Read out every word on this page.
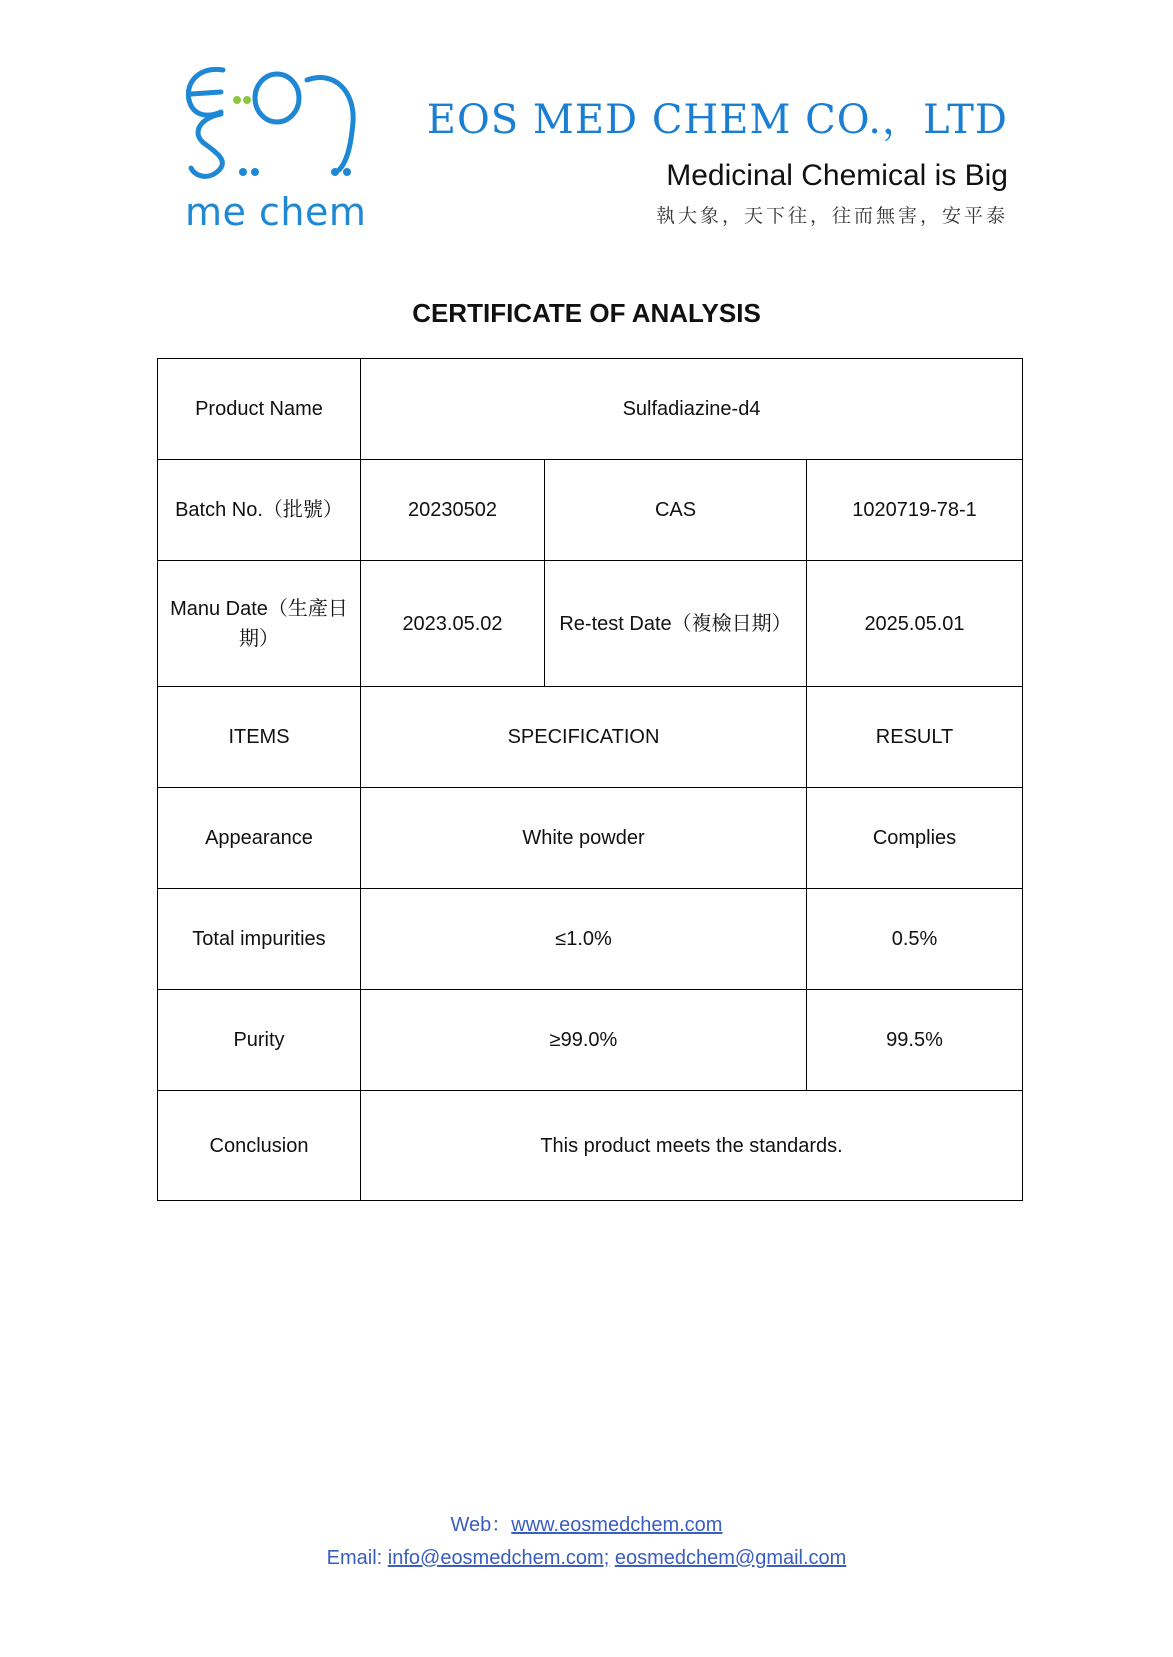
me chem
EOS MED CHEM CO.，LTD
Medicinal Chemical is Big
執大象，天下往，往而無害，安平泰
CERTIFICATE OF ANALYSIS
Product Name	Sulfadiazine-d4		
Batch No.（批號）	20230502	CAS	1020719-78-1
Manu Date（生產日期）	2023.05.02	Re-test Date（複檢日期）	2025.05.01
ITEMS	SPECIFICATION		RESULT
Appearance	White powder		Complies
Total impurities	≤1.0%		0.5%
Purity	≥99.0%		99.5%
Conclusion	This product meets the standards.		
Web：www.eosmedchem.com
Email: info@eosmedchem.com; eosmedchem@gmail.com
